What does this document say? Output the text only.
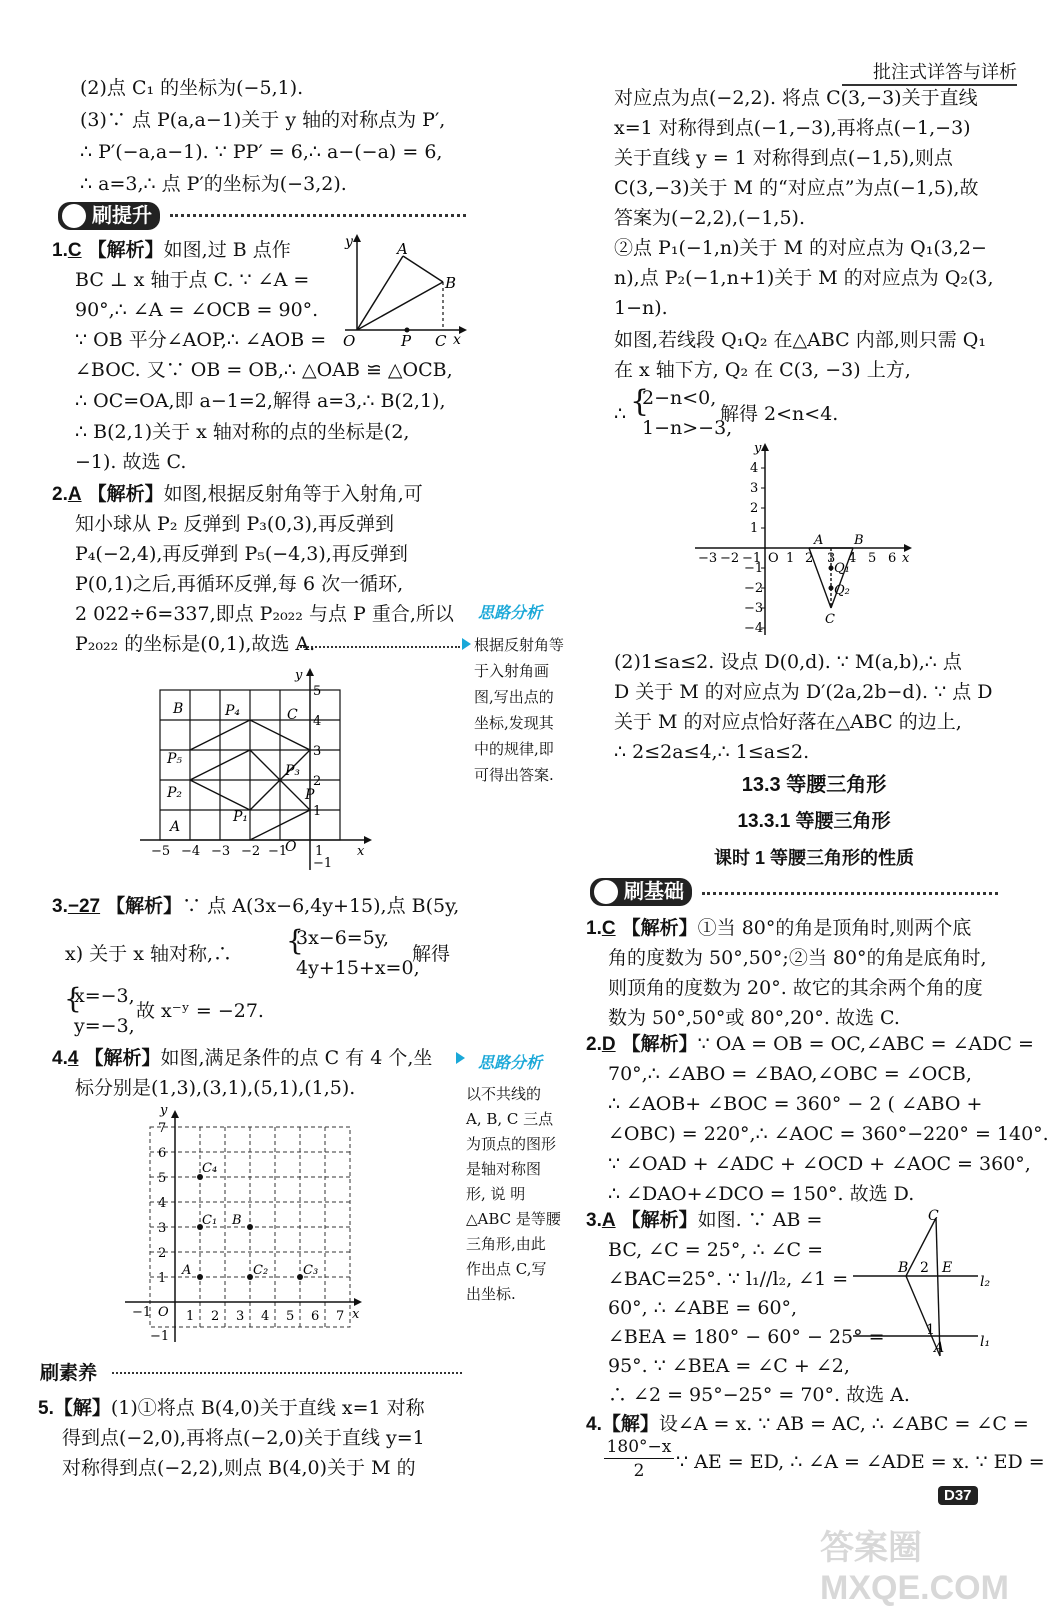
批注式详答与详析
(2)点 C₁ 的坐标为(−5,1).
(3)∵ 点 P(a,a−1)关于 y 轴的对称点为 P′,
∴ P′(−a,a−1). ∵ PP′ = 6,∴ a−(−a) = 6,
∴ a=3,∴ 点 P′的坐标为(−3,2).
刷提升
1.C 【解析】如图,过 B 点作
BC ⊥ x 轴于点 C. ∵ ∠A =
90°,∴ ∠A = ∠OCB = 90°.
∵ OB 平分∠AOP,∴ ∠AOB =
∠BOC. 又∵ OB = OB,∴ △OAB ≌ △OCB,
∴ OC=OA,即 a−1=2,解得 a=3,∴ B(2,1),
∴ B(2,1)关于 x 轴对称的点的坐标是(2,
−1). 故选 C.
A
B
C
O	P	x
y
2.A 【解析】如图,根据反射角等于入射角,可
知小球从 P₂ 反弹到 P₃(0,3),再反弹到
P₄(−2,4),再反弹到 P₅(−4,3),再反弹到
P(0,1)之后,再循环反弹,每 6 次一循环,
2 022÷6=337,即点 P₂₀₂₂ 与点 P 重合,所以
P₂₀₂₂ 的坐标是(0,1),故选 A.
思路分析
根据反射角等
于入射角画
图,写出点的
坐标,发现其
中的规律,即
可得出答案.
B	P₄	C
P₅
P₃
P₂	P
A
P₁
O	x
y
−5 −4 −3 −2 −1 1
5
4
3
2
1
−1
3.−27 【解析】∵ 点 A(3x−6,4y+15),点 B(5y,
x) 关于 x 轴对称,∴ {
3x−6=5y,
4y+15+x=0,
解得
{
x=−3,
y=−3,
故 x⁻ʸ = −27.
4.4 【解析】如图,满足条件的点 C 有 4 个,坐
标分别是(1,3),(3,1),(5,1),(1,5).
思路分析
以不共线的
A, B, C 三点
为顶点的图形
是轴对称图
形, 说 明
△ABC 是等腰
三角形,由此
作出点 C,写
出坐标.
C₄
C₁ B
A	C₂	C₃
O	x
y
−1	1 2 3 4 5 6 7
7
6
5
4
3
2
1
−1
刷素养
5.【解】(1)①将点 B(4,0)关于直线 x=1 对称
得到点(−2,0),再将点(−2,0)关于直线 y=1
对称得到点(−2,2),则点 B(4,0)关于 M 的
对应点为点(−2,2). 将点 C(3,−3)关于直线
x=1 对称得到点(−1,−3),再将点(−1,−3)
关于直线 y = 1 对称得到点(−1,5),则点
C(3,−3)关于 M 的“对应点”为点(−1,5),故
答案为(−2,2),(−1,5).
②点 P₁(−1,n)关于 M 的对应点为 Q₁(3,2−
n),点 P₂(−1,n+1)关于 M 的对应点为 Q₂(3,
1−n).
如图,若线段 Q₁Q₂ 在△ABC 内部,则只需 Q₁
在 x 轴下方, Q₂ 在 C(3, −3) 上方,
∴ {
2−n<0,
1−n>−3,
解得 2<n<4.
A B
C
Q₁
Q₂
x
y
−3 −2 −1 O 1 2 3 4 5 6
4
3
2
1
−1
−2
−3
−4
(2)1≤a≤2. 设点 D(0,d). ∵ M(a,b),∴ 点
D 关于 M 的对应点为 D′(2a,2b−d). ∵ 点 D
关于 M 的对应点恰好落在△ABC 的边上,
∴ 2≤2a≤4,∴ 1≤a≤2.
13.3 等腰三角形
13.3.1 等腰三角形
课时 1 等腰三角形的性质
刷基础
1.C 【解析】①当 80°的角是顶角时,则两个底
角的度数为 50°,50°;②当 80°的角是底角时,
则顶角的度数为 20°. 故它的其余两个角的度
数为 50°,50°或 80°,20°. 故选 C.
2.D 【解析】∵ OA = OB = OC,∠ABC = ∠ADC =
70°,∴ ∠ABO = ∠BAO,∠OBC = ∠OCB,
∴ ∠AOB+ ∠BOC = 360° − 2 ( ∠ABO +
∠OBC) = 220°,∴ ∠AOC = 360°−220° = 140°.
∵ ∠OAD + ∠ADC + ∠OCD + ∠AOC = 360°,
∴ ∠DAO+∠DCO = 150°. 故选 D.
3.A 【解析】如图. ∵ AB =
BC, ∠C = 25°, ∴ ∠C =
∠BAC=25°. ∵ l₁//l₂, ∠1 =
60°, ∴ ∠ABE = 60°,
∠BEA = 180° − 60° − 25° =
95°. ∵ ∠BEA = ∠C + ∠2,
∴ ∠2 = 95°−25° = 70°. 故选 A.
C
B 2 E
l₂
1
A	l₁
4.【解】设∠A = x. ∵ AB = AC, ∴ ∠ABC = ∠C =
$\frac{180^\circ-x}{2}$ ∵ AE = ED, ∴ ∠A = ∠ADE = x. ∵ ED =
D37
答案圈 MXQE.COM
